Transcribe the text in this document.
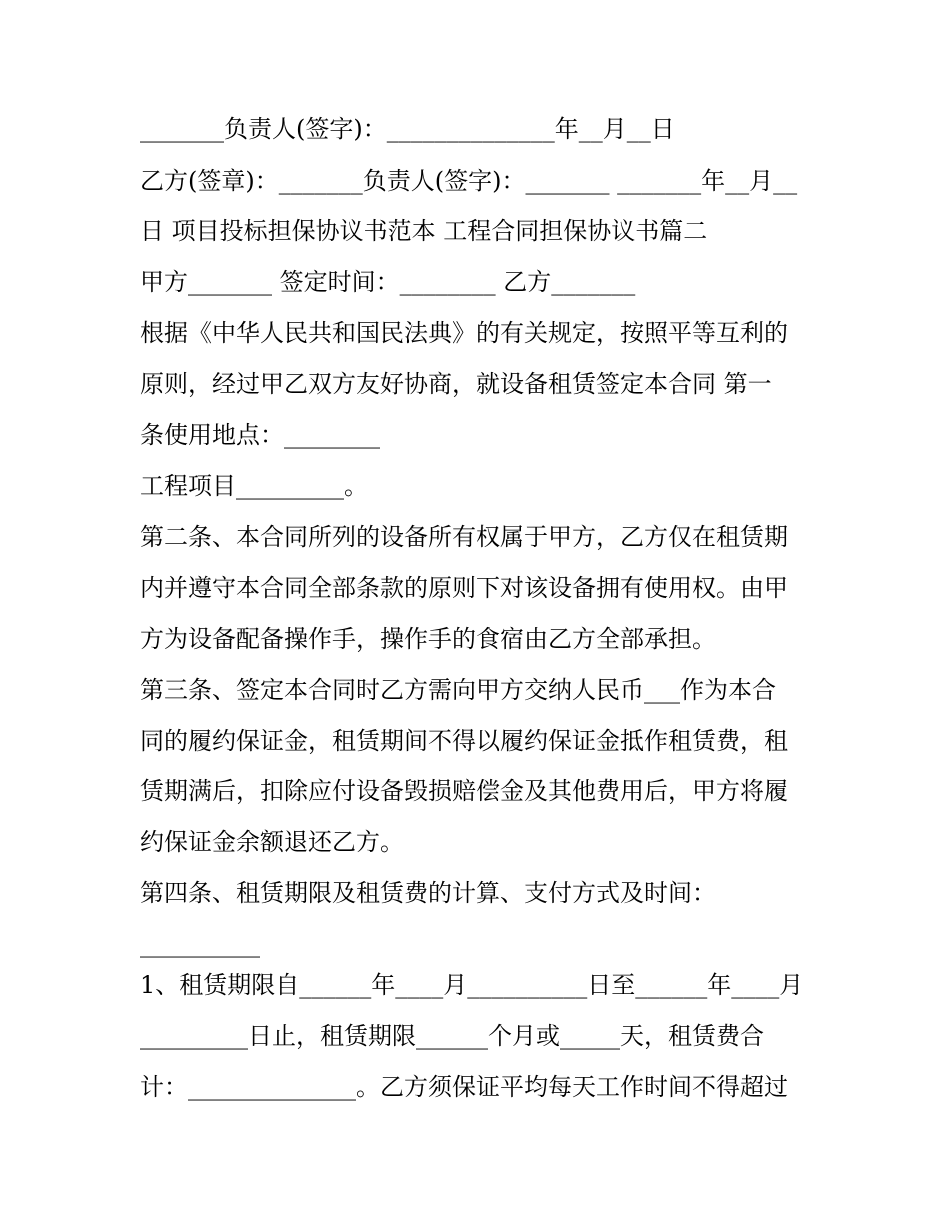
_______负责人(签字)：______________年__月__日
乙方(签章)：_______负责人(签字)：_______ _______年__月__
日 项目投标担保协议书范本 工程合同担保协议书篇二
甲方_______ 签定时间：________ 乙方_______
根据《中华人民共和国民法典》的有关规定，按照平等互利的
原则，经过甲乙双方友好协商，就设备租赁签定本合同 第一
条使用地点：________
工程项目_________。
第二条、本合同所列的设备所有权属于甲方，乙方仅在租赁期
内并遵守本合同全部条款的原则下对该设备拥有使用权。由甲
方为设备配备操作手，操作手的食宿由乙方全部承担。
第三条、签定本合同时乙方需向甲方交纳人民币___作为本合
同的履约保证金，租赁期间不得以履约保证金抵作租赁费，租
赁期满后，扣除应付设备毁损赔偿金及其他费用后，甲方将履
约保证金余额退还乙方。
第四条、租赁期限及租赁费的计算、支付方式及时间：
__________
1、租赁期限自______年____月__________日至______年____月
_________日止，租赁期限______个月或_____天，租赁费合
计：______________。乙方须保证平均每天工作时间不得超过
